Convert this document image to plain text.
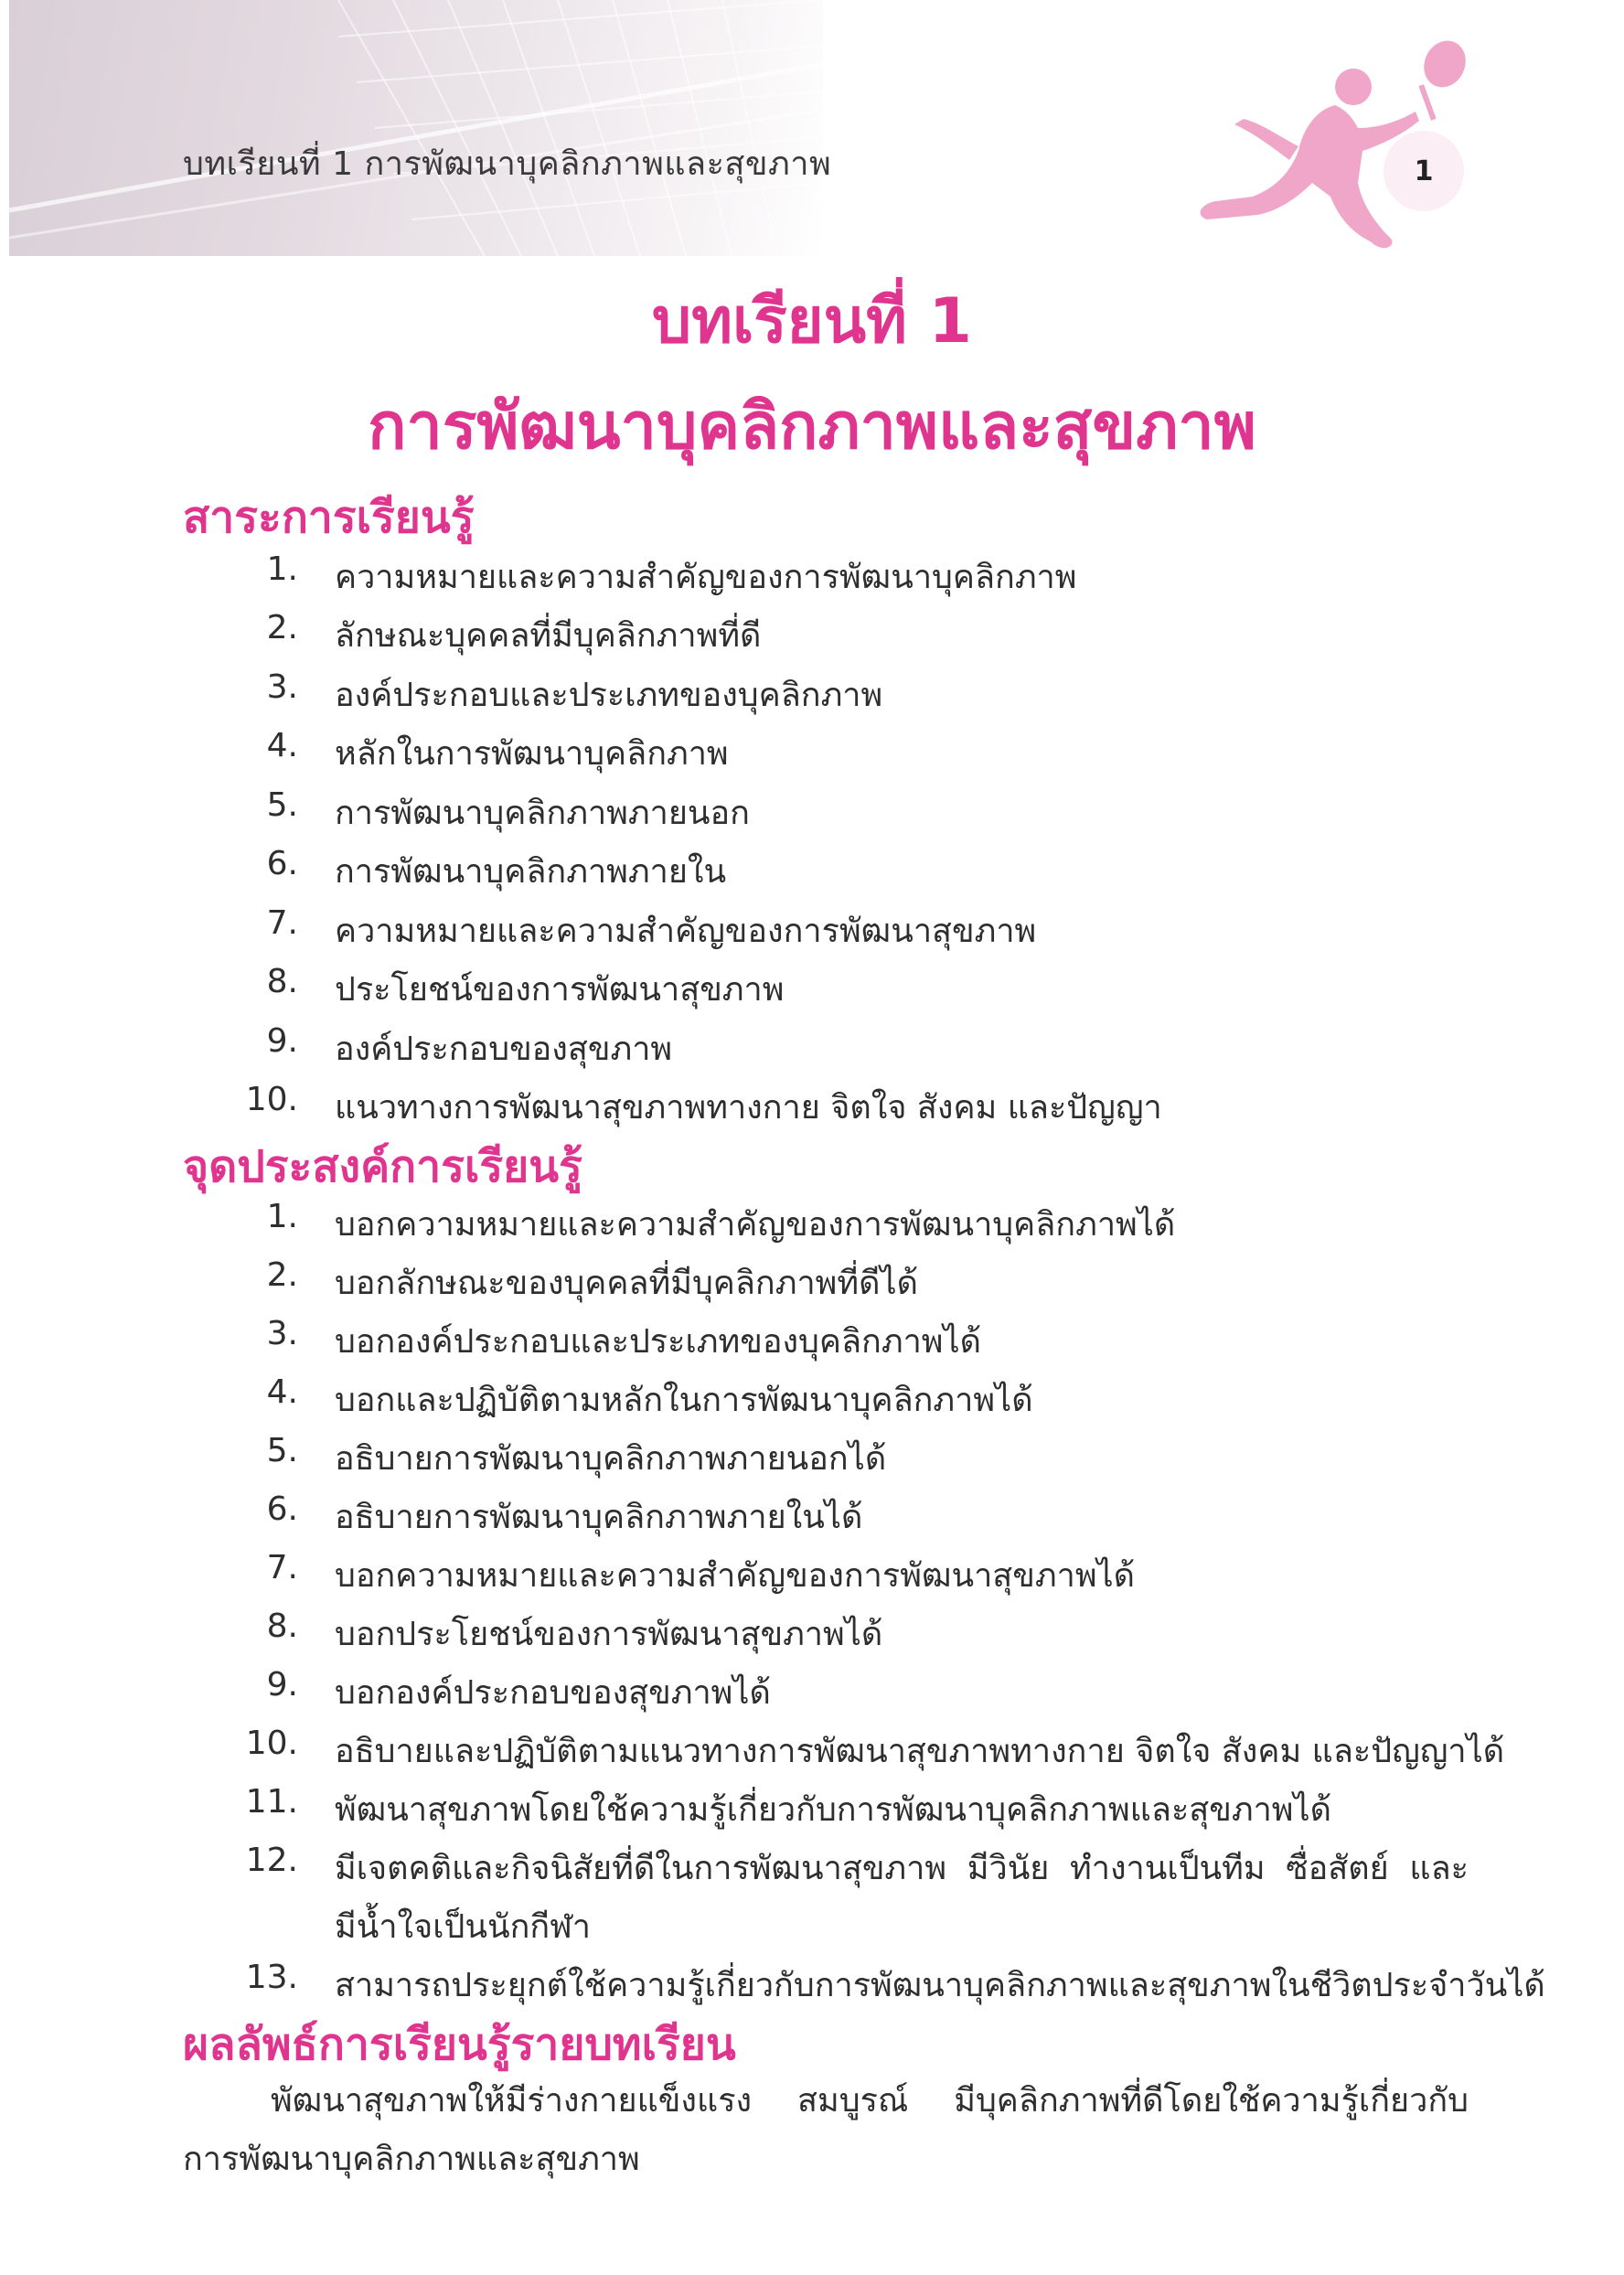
บทเรียนที่ 1 การพัฒนาบุคลิกภาพและสุขภาพ	1
บทเรียนที่ 1
การพัฒนาบุคลิกภาพและสุขภาพ
สาระการเรียนรู้
1. ความหมายและความสำคัญของการพัฒนาบุคลิกภาพ
2. ลักษณะบุคคลที่มีบุคลิกภาพที่ดี
3. องค์ประกอบและประเภทของบุคลิกภาพ
4. หลักในการพัฒนาบุคลิกภาพ
5. การพัฒนาบุคลิกภาพภายนอก
6. การพัฒนาบุคลิกภาพภายใน
7. ความหมายและความสำคัญของการพัฒนาสุขภาพ
8. ประโยชน์ของการพัฒนาสุขภาพ
9. องค์ประกอบของสุขภาพ
10. แนวทางการพัฒนาสุขภาพทางกาย จิตใจ สังคม และปัญญา
จุดประสงค์การเรียนรู้
1. บอกความหมายและความสำคัญของการพัฒนาบุคลิกภาพได้
2. บอกลักษณะของบุคคลที่มีบุคลิกภาพที่ดีได้
3. บอกองค์ประกอบและประเภทของบุคลิกภาพได้
4. บอกและปฏิบัติตามหลักในการพัฒนาบุคลิกภาพได้
5. อธิบายการพัฒนาบุคลิกภาพภายนอกได้
6. อธิบายการพัฒนาบุคลิกภาพภายในได้
7. บอกความหมายและความสำคัญของการพัฒนาสุขภาพได้
8. บอกประโยชน์ของการพัฒนาสุขภาพได้
9. บอกองค์ประกอบของสุขภาพได้
10. อธิบายและปฏิบัติตามแนวทางการพัฒนาสุขภาพทางกาย จิตใจ สังคม และปัญญาได้
11. พัฒนาสุขภาพโดยใช้ความรู้เกี่ยวกับการพัฒนาบุคลิกภาพและสุขภาพได้
12. มีเจตคติและกิจนิสัยที่ดีในการพัฒนาสุขภาพ มีวินัย ทำงานเป็นทีม ซื่อสัตย์ และ
มีน้ำใจเป็นนักกีฬา
13. สามารถประยุกต์ใช้ความรู้เกี่ยวกับการพัฒนาบุคลิกภาพและสุขภาพในชีวิตประจำวันได้
ผลลัพธ์การเรียนรู้รายบทเรียน
พัฒนาสุขภาพให้มีร่างกายแข็งแรง สมบูรณ์ มีบุคลิกภาพที่ดีโดยใช้ความรู้เกี่ยวกับ
การพัฒนาบุคลิกภาพและสุขภาพ
